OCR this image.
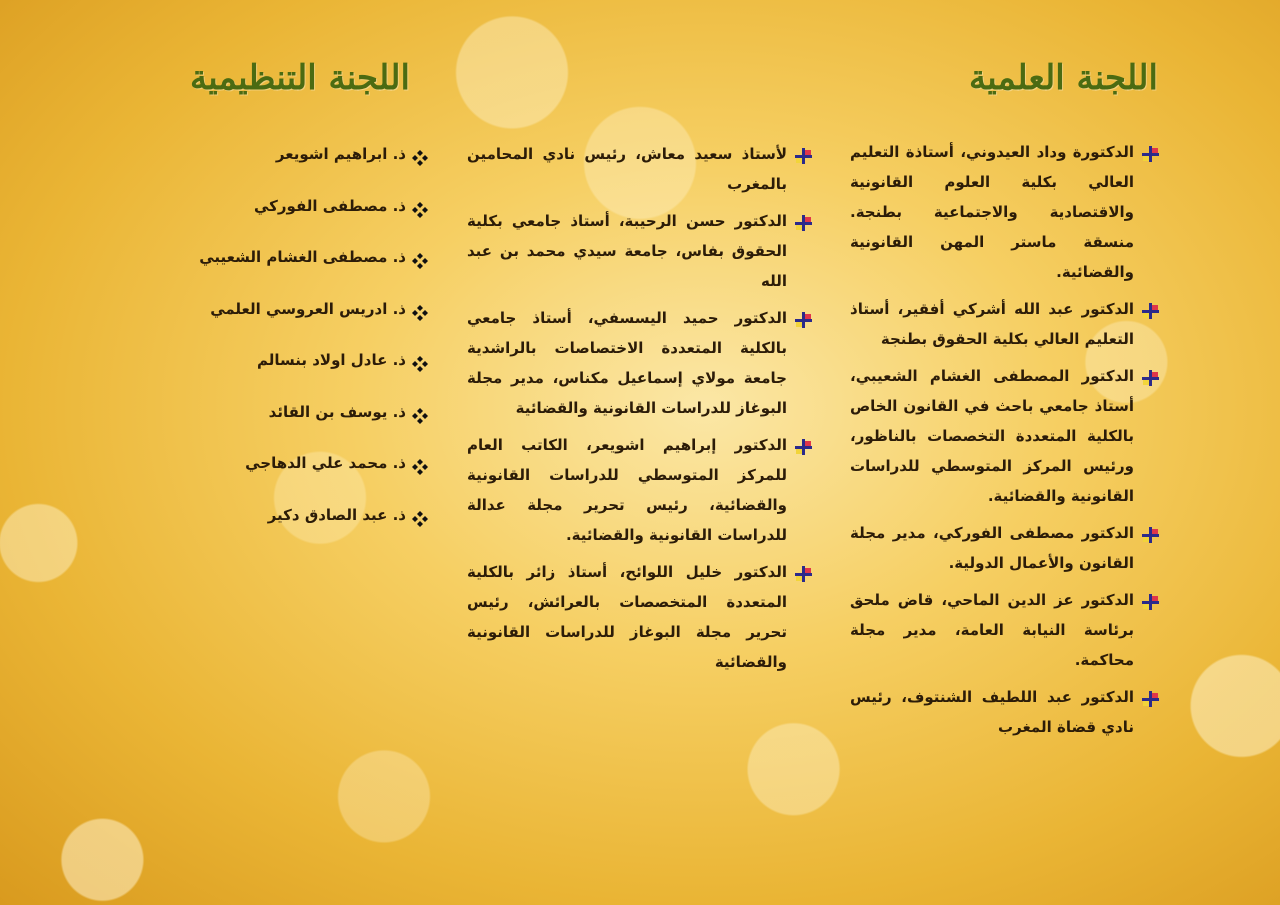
اللجنة العلمية
اللجنة التنظيمية
الدكتورة وداد العيدوني، أستاذة التعليم العالي بكلية العلوم القانونية والاقتصادية والاجتماعية بطنجة. منسقة ماستر المهن القانونية والقضائية.
الدكتور عبد الله أشركي أفقير، أستاذ التعليم العالي بكلية الحقوق بطنجة
الدكتور المصطفى الغشام الشعيبي، أستاذ جامعي باحث في القانون الخاص بالكلية المتعددة التخصصات بالناظور، ورئيس المركز المتوسطي للدراسات القانونية والقضائية.
الدكتور مصطفى الفوركي، مدير مجلة القانون والأعمال الدولية.
الدكتور عز الدين الماحي، قاض ملحق برئاسة النيابة العامة، مدير مجلة محاكمة.
الدكتور عبد اللطيف الشنتوف، رئيس نادي قضاة المغرب
لأستاذ سعيد معاش، رئيس نادي المحامين بالمغرب
الدكتور حسن الرحيبة، أستاذ جامعي بكلية الحقوق بفاس، جامعة سيدي محمد بن عبد الله
الدكتور حميد اليسسفي، أستاذ جامعي بالكلية المتعددة الاختصاصات بالراشدية جامعة مولاي إسماعيل مكناس، مدير مجلة البوغاز للدراسات القانونية والقضائية
الدكتور إبراهيم اشويعر، الكاتب العام للمركز المتوسطي للدراسات القانونية والقضائية، رئيس تحرير مجلة عدالة للدراسات القانونية والقضائية.
الدكتور خليل اللوائح، أستاذ زائر بالكلية المتعددة المتخصصات بالعرائش، رئيس تحرير مجلة البوغاز للدراسات القانونية والقضائية
ذ. ابراهيم اشويعر
ذ. مصطفى الفوركي
ذ. مصطفى الغشام الشعيبي
ذ. ادريس العروسي العلمي
ذ. عادل اولاد بنسالم
ذ. يوسف بن القائد
ذ. محمد علي الدهاجي
ذ. عبد الصادق دكير
